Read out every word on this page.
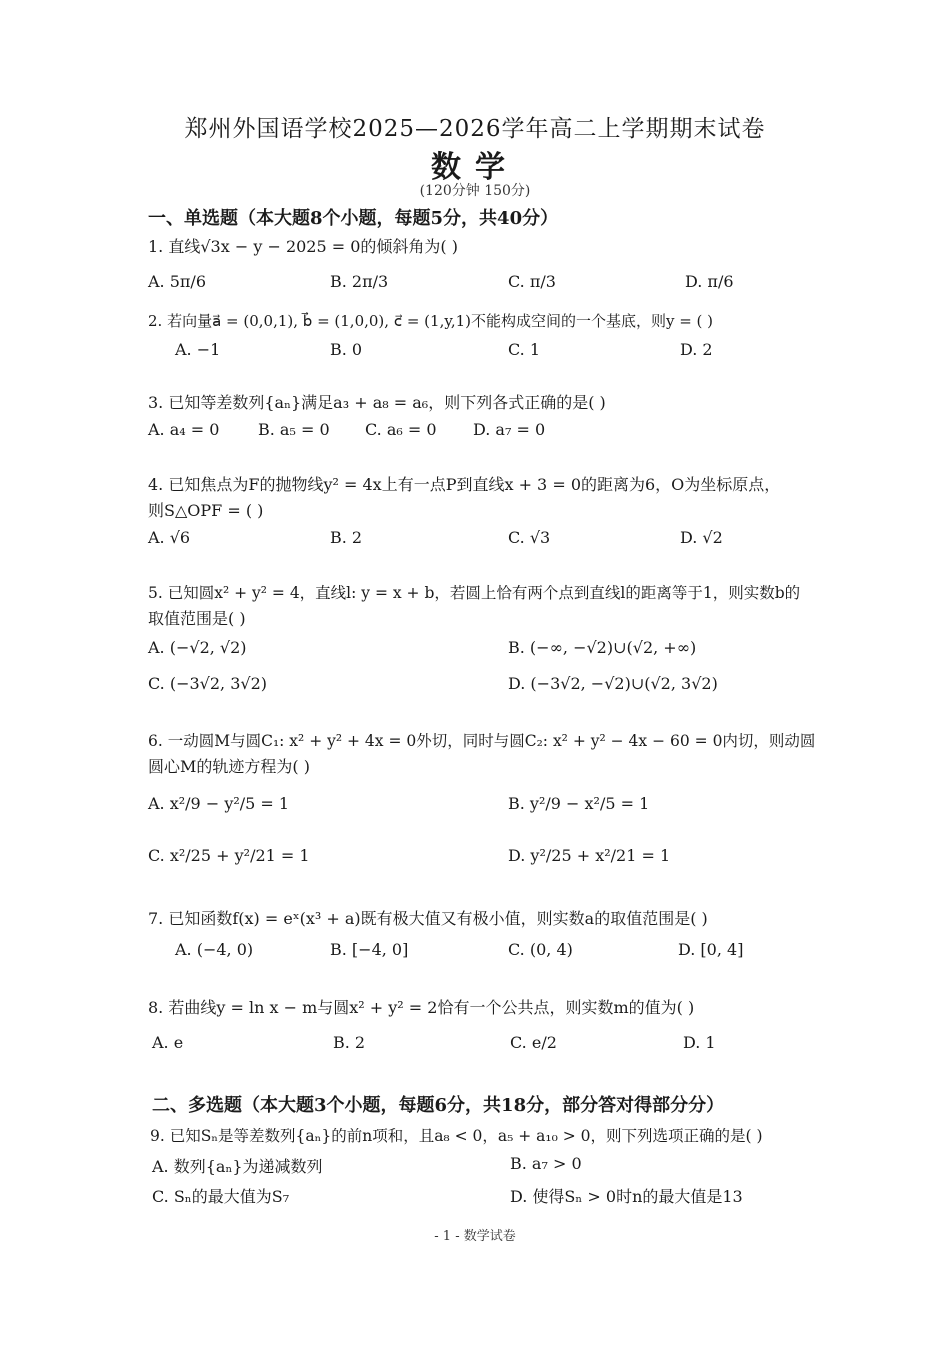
郑州外国语学校2025—2026学年高二上学期期末试卷
数学
(120分钟 150分)
一、单选题（本大题8个小题，每题5分，共40分）
1. 直线√3x − y − 2025 = 0的倾斜角为( )
A. 5π/6	B. 2π/3	C. π/3	D. π/6
2. 若向量a⃗ = (0,0,1), b⃗ = (1,0,0), c⃗ = (1,y,1)不能构成空间的一个基底，则y = ( )
A. −1	B. 0	C. 1	D. 2
3. 已知等差数列{aₙ}满足a₃ + a₈ = a₆，则下列各式正确的是( )
A. a₄ = 0 B. a₅ = 0 C. a₆ = 0 D. a₇ = 0
4. 已知焦点为F的抛物线y² = 4x上有一点P到直线x + 3 = 0的距离为6，O为坐标原点，
则S△OPF = ( )
A. √6	B. 2	C. √3	D. √2
5. 已知圆x² + y² = 4，直线l: y = x + b，若圆上恰有两个点到直线l的距离等于1，则实数b的
取值范围是( )
A. (−√2, √2)	B. (−∞, −√2)∪(√2, +∞)
C. (−3√2, 3√2)	D. (−3√2, −√2)∪(√2, 3√2)
6. 一动圆M与圆C₁: x² + y² + 4x = 0外切，同时与圆C₂: x² + y² − 4x − 60 = 0内切，则动圆
圆心M的轨迹方程为( )
A. x²/9 − y²/5 = 1	B. y²/9 − x²/5 = 1
C. x²/25 + y²/21 = 1	D. y²/25 + x²/21 = 1
7. 已知函数f(x) = eˣ(x³ + a)既有极大值又有极小值，则实数a的取值范围是( )
A. (−4, 0)	B. [−4, 0]	C. (0, 4)	D. [0, 4]
8. 若曲线y = ln x − m与圆x² + y² = 2恰有一个公共点，则实数m的值为( )
A. e	B. 2	C. e/2	D. 1
二、多选题（本大题3个小题，每题6分，共18分，部分答对得部分分）
9. 已知Sₙ是等差数列{aₙ}的前n项和，且a₈ < 0，a₅ + a₁₀ > 0，则下列选项正确的是( )
A. 数列{aₙ}为递减数列	B. a₇ > 0
C. Sₙ的最大值为S₇	D. 使得Sₙ > 0时n的最大值是13
- 1 - 数学试卷
